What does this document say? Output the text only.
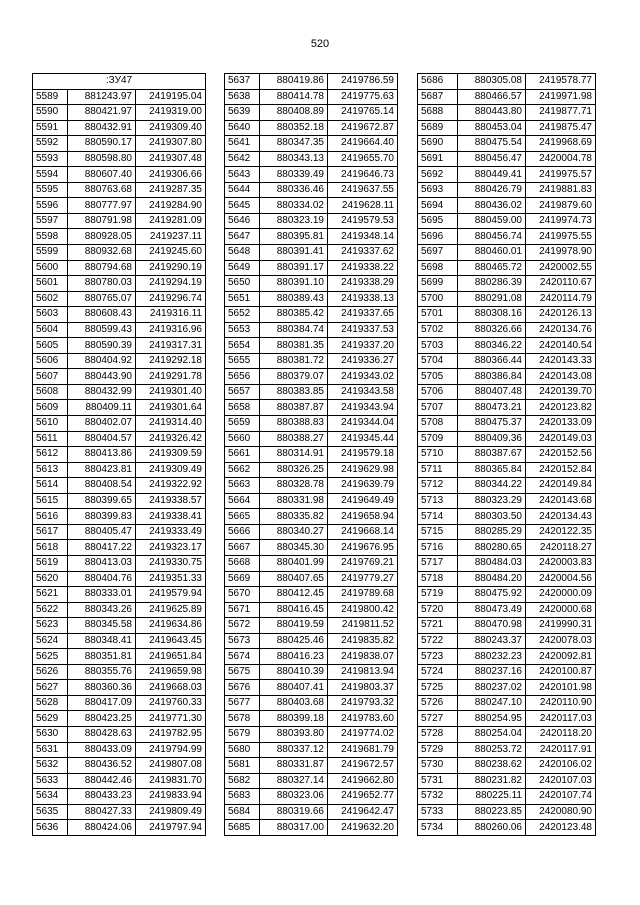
520
:ЗУ47		
5589	881243.97	2419195.04
5590	880421.97	2419319.00
5591	880432.91	2419309.40
5592	880590.17	2419307.80
5593	880598.80	2419307.48
5594	880607.40	2419306.66
5595	880763.68	2419287.35
5596	880777.97	2419284.90
5597	880791.98	2419281.09
5598	880928.05	2419237.11
5599	880932.68	2419245.60
5600	880794.68	2419290.19
5601	880780.03	2419294.19
5602	880765.07	2419296.74
5603	880608.43	2419316.11
5604	880599.43	2419316.96
5605	880590.39	2419317.31
5606	880404.92	2419292.18
5607	880443.90	2419291.78
5608	880432.99	2419301.40
5609	880409.11	2419301.64
5610	880402.07	2419314.40
5611	880404.57	2419326.42
5612	880413.86	2419309.59
5613	880423.81	2419309.49
5614	880408.54	2419322.92
5615	880399.65	2419338.57
5616	880399.83	2419338.41
5617	880405.47	2419333.49
5618	880417.22	2419323.17
5619	880413.03	2419330.75
5620	880404.76	2419351.33
5621	880333.01	2419579.94
5622	880343.26	2419625.89
5623	880345.58	2419634.86
5624	880348.41	2419643.45
5625	880351.81	2419651.84
5626	880355.76	2419659.98
5627	880360.36	2419668.03
5628	880417.09	2419760.33
5629	880423.25	2419771.30
5630	880428.63	2419782.95
5631	880433.09	2419794.99
5632	880436.52	2419807.08
5633	880442.46	2419831.70
5634	880433.23	2419833.94
5635	880427.33	2419809.49
5636	880424.06	2419797.94
5637	880419.86	2419786.59
5638	880414.78	2419775.63
5639	880408.89	2419765.14
5640	880352.18	2419672.87
5641	880347.35	2419664.40
5642	880343.13	2419655.70
5643	880339.49	2419646.73
5644	880336.46	2419637.55
5645	880334.02	2419628.11
5646	880323.19	2419579.53
5647	880395.81	2419348.14
5648	880391.41	2419337.62
5649	880391.17	2419338.22
5650	880391.10	2419338.29
5651	880389.43	2419338.13
5652	880385.42	2419337.65
5653	880384.74	2419337.53
5654	880381.35	2419337.20
5655	880381.72	2419336.27
5656	880379.07	2419343.02
5657	880383.85	2419343.58
5658	880387.87	2419343.94
5659	880388.83	2419344.04
5660	880388.27	2419345.44
5661	880314.91	2419579.18
5662	880326.25	2419629.98
5663	880328.78	2419639.79
5664	880331.98	2419649.49
5665	880335.82	2419658.94
5666	880340.27	2419668.14
5667	880345.30	2419676.95
5668	880401.99	2419769.21
5669	880407.65	2419779.27
5670	880412.45	2419789.68
5671	880416.45	2419800.42
5672	880419.59	2419811.52
5673	880425.46	2419835.82
5674	880416.23	2419838.07
5675	880410.39	2419813.94
5676	880407.41	2419803.37
5677	880403.68	2419793.32
5678	880399.18	2419783.60
5679	880393.80	2419774.02
5680	880337.12	2419681.79
5681	880331.87	2419672.57
5682	880327.14	2419662.80
5683	880323.06	2419652.77
5684	880319.66	2419642.47
5685	880317.00	2419632.20
5686	880305.08	2419578.77
5687	880466.57	2419971.98
5688	880443.80	2419877.71
5689	880453.04	2419875.47
5690	880475.54	2419968.69
5691	880456.47	2420004.78
5692	880449.41	2419975.57
5693	880426.79	2419881.83
5694	880436.02	2419879.60
5695	880459.00	2419974.73
5696	880456.74	2419975.55
5697	880460.01	2419978.90
5698	880465.72	2420002.55
5699	880286.39	2420110.67
5700	880291.08	2420114.79
5701	880308.16	2420126.13
5702	880326.66	2420134.76
5703	880346.22	2420140.54
5704	880366.44	2420143.33
5705	880386.84	2420143.08
5706	880407.48	2420139.70
5707	880473.21	2420123.82
5708	880475.37	2420133.09
5709	880409.36	2420149.03
5710	880387.67	2420152.56
5711	880365.84	2420152.84
5712	880344.22	2420149.84
5713	880323.29	2420143.68
5714	880303.50	2420134.43
5715	880285.29	2420122.35
5716	880280.65	2420118.27
5717	880484.03	2420003.83
5718	880484.20	2420004.56
5719	880475.92	2420000.09
5720	880473.49	2420000.68
5721	880470.98	2419990.31
5722	880243.37	2420078.03
5723	880232.23	2420092.81
5724	880237.16	2420100.87
5725	880237.02	2420101.98
5726	880247.10	2420110.90
5727	880254.95	2420117.03
5728	880254.04	2420118.20
5729	880253.72	2420117.91
5730	880238.62	2420106.02
5731	880231.82	2420107.03
5732	880225.11	2420107.74
5733	880223.85	2420080.90
5734	880260.06	2420123.48
